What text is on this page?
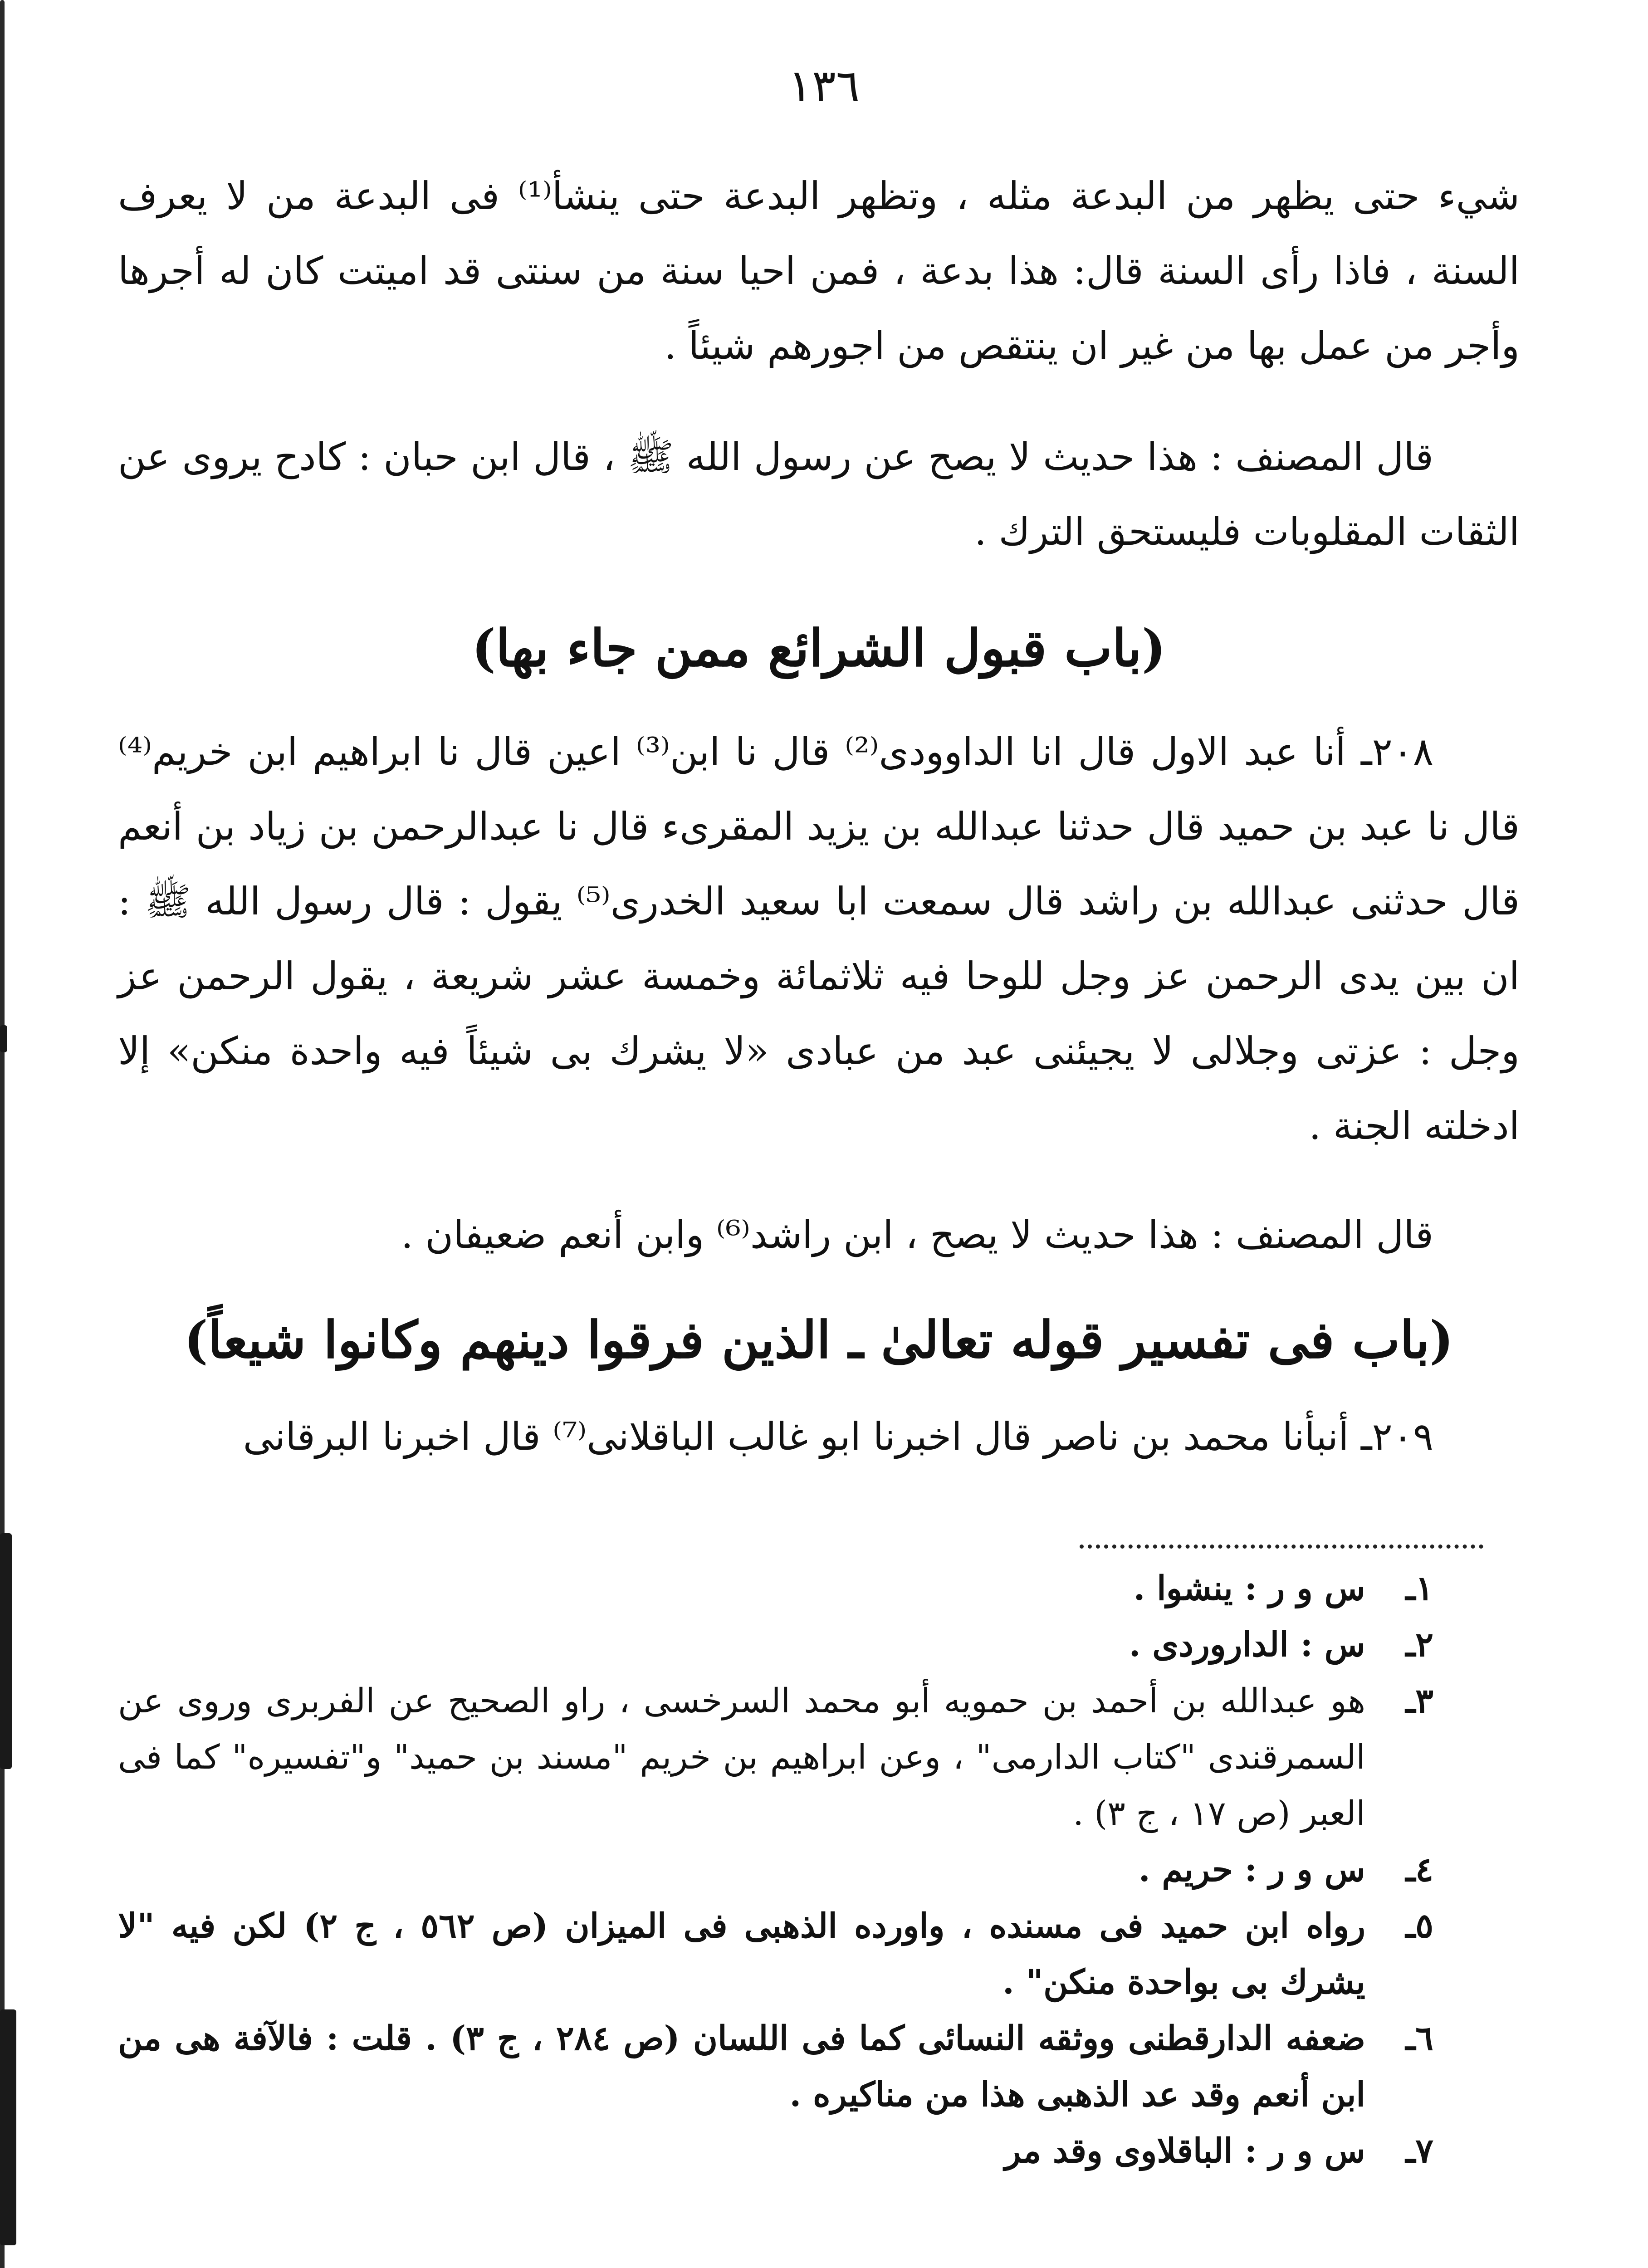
١٣٦

شيء حتى يظهر من البدعة مثله ، وتظهر البدعة حتى ينشأ⁽¹⁾ فى البدعة من لا يعرف السنة ، فاذا رأى السنة قال: هذا بدعة ، فمن احيا سنة من سنتى قد اميتت كان له أجرها وأجر من عمل بها من غير ان ينتقص من اجورهم شيئاً .

قال المصنف : هذا حديث لا يصح عن رسول الله ﷺ ، قال ابن حبان : كادح يروى عن الثقات المقلوبات فليستحق الترك .

(باب قبول الشرائع ممن جاء بها)

٢٠٨ـ أنا عبد الاول قال انا الداوودى⁽²⁾ قال نا ابن⁽³⁾ اعين قال نا ابراهيم ابن خريم⁽⁴⁾ قال نا عبد بن حميد قال حدثنا عبدالله بن يزيد المقرىء قال نا عبدالرحمن بن زياد بن أنعم قال حدثنى عبدالله بن راشد قال سمعت ابا سعيد الخدرى⁽⁵⁾ يقول : قال رسول الله ﷺ : ان بين يدى الرحمن عز وجل للوحا فيه ثلاثمائة وخمسة عشر شريعة ، يقول الرحمن عز وجل : عزتى وجلالى لا يجيئنى عبد من عبادى «لا يشرك بى شيئاً فيه واحدة منكن» إلا ادخلته الجنة .

قال المصنف : هذا حديث لا يصح ، ابن راشد⁽⁶⁾ وابن أنعم ضعيفان .

(باب فى تفسير قوله تعالىٰ ـ الذين فرقوا دينهم وكانوا شيعاً)

٢٠٩ـ أنبأنا محمد بن ناصر قال اخبرنا ابو غالب الباقلانى⁽⁷⁾ قال اخبرنا البرقانى

١ـ
س و ر : ينشوا .
٢ـ
س : الداروردى .
٣ـ
هو عبدالله بن أحمد بن حمويه أبو محمد السرخسى ، راو الصحيح عن الفربرى وروى عن السمرقندى "كتاب الدارمى" ، وعن ابراهيم بن خريم "مسند بن حميد" و"تفسيره" كما فى العبر (ص ١٧ ، ج ٣) .
٤ـ
س و ر : حريم .
٥ـ
رواه ابن حميد فى مسنده ، واورده الذهبى فى الميزان (ص ٥٦٢ ، ج ٢) لكن فيه "لا يشرك بى بواحدة منكن" .
٦ـ
ضعفه الدارقطنى ووثقه النسائى كما فى اللسان (ص ٢٨٤ ، ج ٣) . قلت : فالآفة هى من ابن أنعم وقد عد الذهبى هذا من مناكيره .
٧ـ
س و ر : الباقلاوى وقد مر
